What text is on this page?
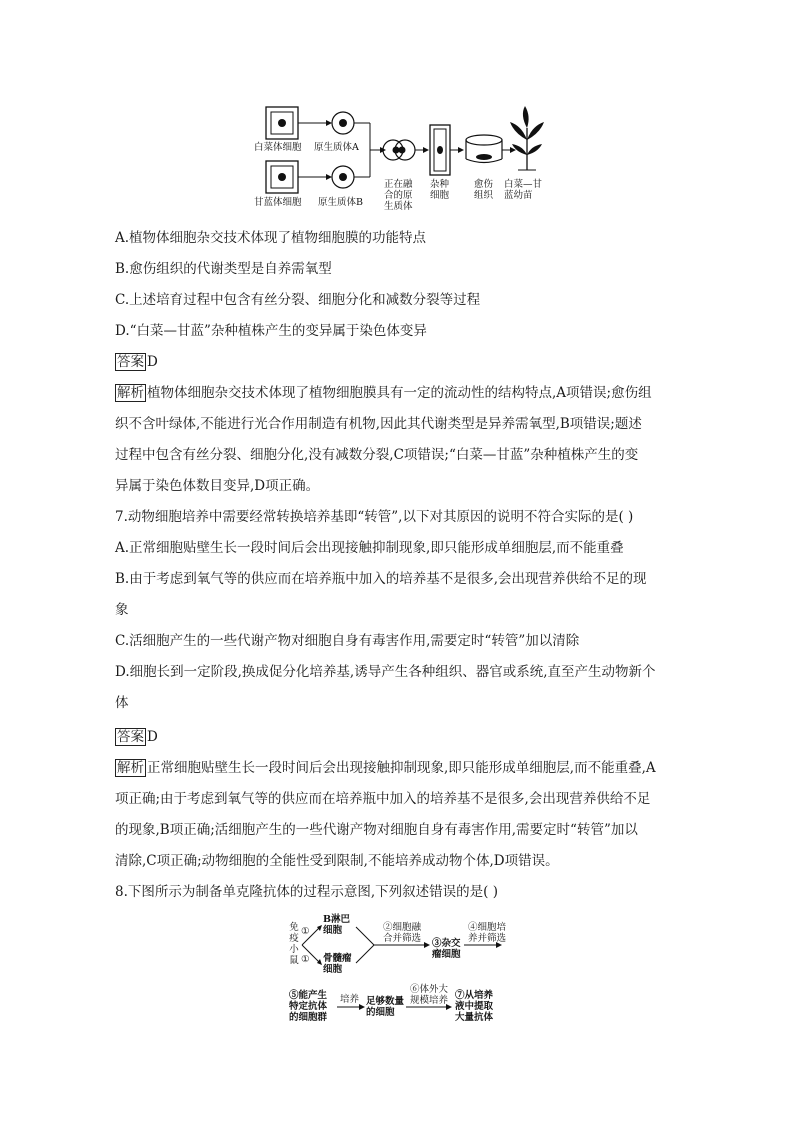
白菜体细胞 原生质体A
甘蓝体细胞 原生质体B
正在融
合的原
生质体
杂种
细胞
愈伤
组织
白菜—甘
蓝幼苗
A.植物体细胞杂交技术体现了植物细胞膜的功能特点
B.愈伤组织的代谢类型是自养需氧型
C.上述培育过程中包含有丝分裂、细胞分化和减数分裂等过程
D.“白菜—甘蓝”杂种植株产生的变异属于染色体变异
答案 D
解析 植物体细胞杂交技术体现了植物细胞膜具有一定的流动性的结构特点,A项错误;愈伤组
织不含叶绿体,不能进行光合作用制造有机物,因此其代谢类型是异养需氧型,B项错误;题述
过程中包含有丝分裂、细胞分化,没有减数分裂,C项错误;“白菜—甘蓝”杂种植株产生的变
异属于染色体数目变异,D项正确。
7.动物细胞培养中需要经常转换培养基即“转管”,以下对其原因的说明不符合实际的是( )
A.正常细胞贴壁生长一段时间后会出现接触抑制现象,即只能形成单细胞层,而不能重叠
B.由于考虑到氧气等的供应而在培养瓶中加入的培养基不是很多,会出现营养供给不足的现
象
C.活细胞产生的一些代谢产物对细胞自身有毒害作用,需要定时“转管”加以清除
D.细胞长到一定阶段,换成促分化培养基,诱导产生各种组织、器官或系统,直至产生动物新个
体
答案 D
解析 正常细胞贴壁生长一段时间后会出现接触抑制现象,即只能形成单细胞层,而不能重叠,A
项正确;由于考虑到氧气等的供应而在培养瓶中加入的培养基不是很多,会出现营养供给不足
的现象,B项正确;活细胞产生的一些代谢产物对细胞自身有毒害作用,需要定时“转管”加以
清除,C项正确;动物细胞的全能性受到限制,不能培养成动物个体,D项错误。
8.下图所示为制备单克隆抗体的过程示意图,下列叙述错误的是( )
免
疫
小
鼠
①
①
B淋巴
细胞
骨髓瘤
细胞
②细胞融
合并筛选 ③杂交
瘤细胞
④细胞培
养并筛选
⑤能产生
特定抗体
的细胞群
培养 足够数量
的细胞
⑥体外大
规模培养 ⑦从培养
液中提取
大量抗体
